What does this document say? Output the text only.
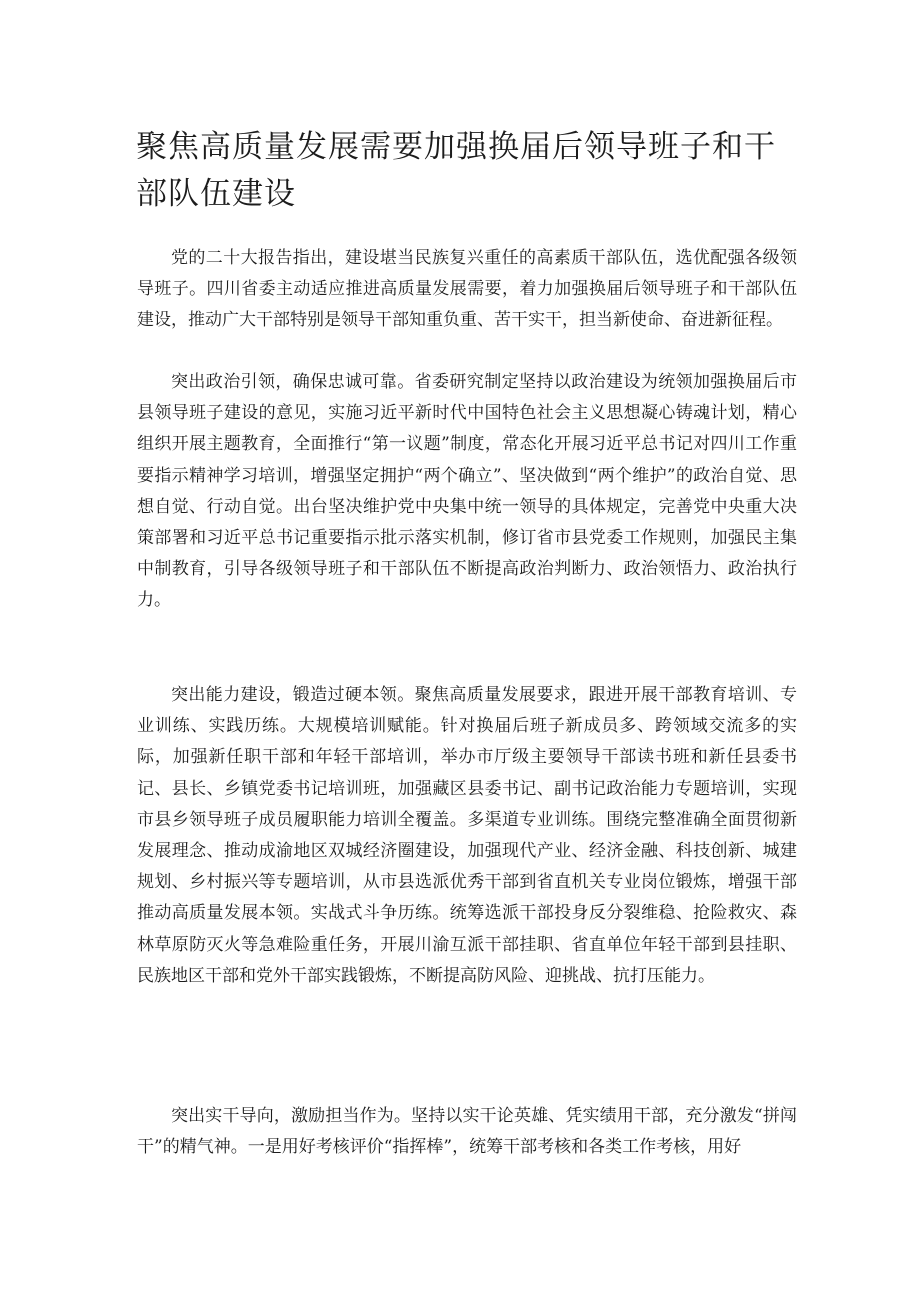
聚焦高质量发展需要加强换届后领导班子和干部队伍建设

党的二十大报告指出，建设堪当民族复兴重任的高素质干部队伍，选优配强各级领导班子。四川省委主动适应推进高质量发展需要，着力加强换届后领导班子和干部队伍建设，推动广大干部特别是领导干部知重负重、苦干实干，担当新使命、奋进新征程。

突出政治引领，确保忠诚可靠。省委研究制定坚持以政治建设为统领加强换届后市县领导班子建设的意见，实施习近平新时代中国特色社会主义思想凝心铸魂计划，精心组织开展主题教育，全面推行“第一议题”制度，常态化开展习近平总书记对四川工作重要指示精神学习培训，增强坚定拥护“两个确立”、坚决做到“两个维护”的政治自觉、思想自觉、行动自觉。出台坚决维护党中央集中统一领导的具体规定，完善党中央重大决策部署和习近平总书记重要指示批示落实机制，修订省市县党委工作规则，加强民主集中制教育，引导各级领导班子和干部队伍不断提高政治判断力、政治领悟力、政治执行力。

突出能力建设，锻造过硬本领。聚焦高质量发展要求，跟进开展干部教育培训、专业训练、实践历练。大规模培训赋能。针对换届后班子新成员多、跨领域交流多的实际，加强新任职干部和年轻干部培训，举办市厅级主要领导干部读书班和新任县委书记、县长、乡镇党委书记培训班，加强藏区县委书记、副书记政治能力专题培训，实现市县乡领导班子成员履职能力培训全覆盖。多渠道专业训练。围绕完整准确全面贯彻新发展理念、推动成渝地区双城经济圈建设，加强现代产业、经济金融、科技创新、城建规划、乡村振兴等专题培训，从市县选派优秀干部到省直机关专业岗位锻炼，增强干部推动高质量发展本领。实战式斗争历练。统筹选派干部投身反分裂维稳、抢险救灾、森林草原防灭火等急难险重任务，开展川渝互派干部挂职、省直单位年轻干部到县挂职、民族地区干部和党外干部实践锻炼，不断提高防风险、迎挑战、抗打压能力。

突出实干导向，激励担当作为。坚持以实干论英雄、凭实绩用干部，充分激发“拼闯干”的精气神。一是用好考核评价“指挥棒”，统筹干部考核和各类工作考核，用好
